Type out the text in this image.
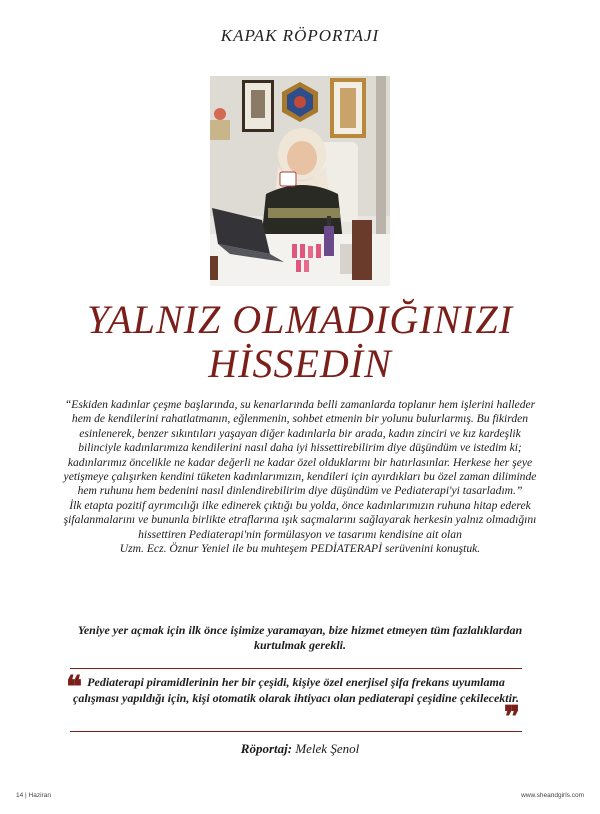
KAPAK RÖPORTAJI
YALNIZ OLMADIĞINIZI
HİSSEDİN

“Eskiden kadınlar çeşme başlarında, su kenarlarında belli zamanlarda toplanır hem işlerini halleder hem de kendilerini rahatlatmanın, eğlenmenin, sohbet etmenin bir yolunu bulurlarmış. Bu fikirden esinlenerek, benzer sıkıntıları yaşayan diğer kadınlarla bir arada, kadın zinciri ve kız kardeşlik bilinciyle kadınlarımıza kendilerini nasıl daha iyi hissettirebilirim diye düşündüm ve istedim ki; kadınlarımız öncelikle ne kadar değerli ne kadar özel olduklarını bir hatırlasınlar. Herkese her şeye yetişmeye çalışırken kendini tüketen kadınlarımızın, kendileri için ayırdıkları bu özel zaman diliminde hem ruhunu hem bedenini nasıl dinlendirebilirim diye düşündüm ve Pediaterapi'yi tasarladım.”

İlk etapta pozitif ayrımcılığı ilke edinerek çıktığı bu yolda, önce kadınlarımızın ruhuna hitap ederek şifalanmalarını ve bununla birlikte etraflarına ışık saçmalarını sağlayarak herkesin yalnız olmadığını hissettiren Pediaterapi'nin formülasyon ve tasarımı kendisine ait olan

Uzm. Ecz. Öznur Yeniel ile bu muhteşem PEDİATERAPİ serüvenini konuştuk.

Yeniye yer açmak için ilk önce işimize yaramayan, bize hizmet etmeyen tüm fazlalıklardan kurtulmak gerekli.
❝ Pediaterapi piramidlerinin her bir çeşidi, kişiye özel enerjisel şifa frekans uyumlama çalışması yapıldığı için, kişi otomatik olarak ihtiyacı olan pediaterapi çeşidine çekilecektir.
❞
Röportaj: Melek Şenol
14 | Haziran	www.sheandgirls.com
